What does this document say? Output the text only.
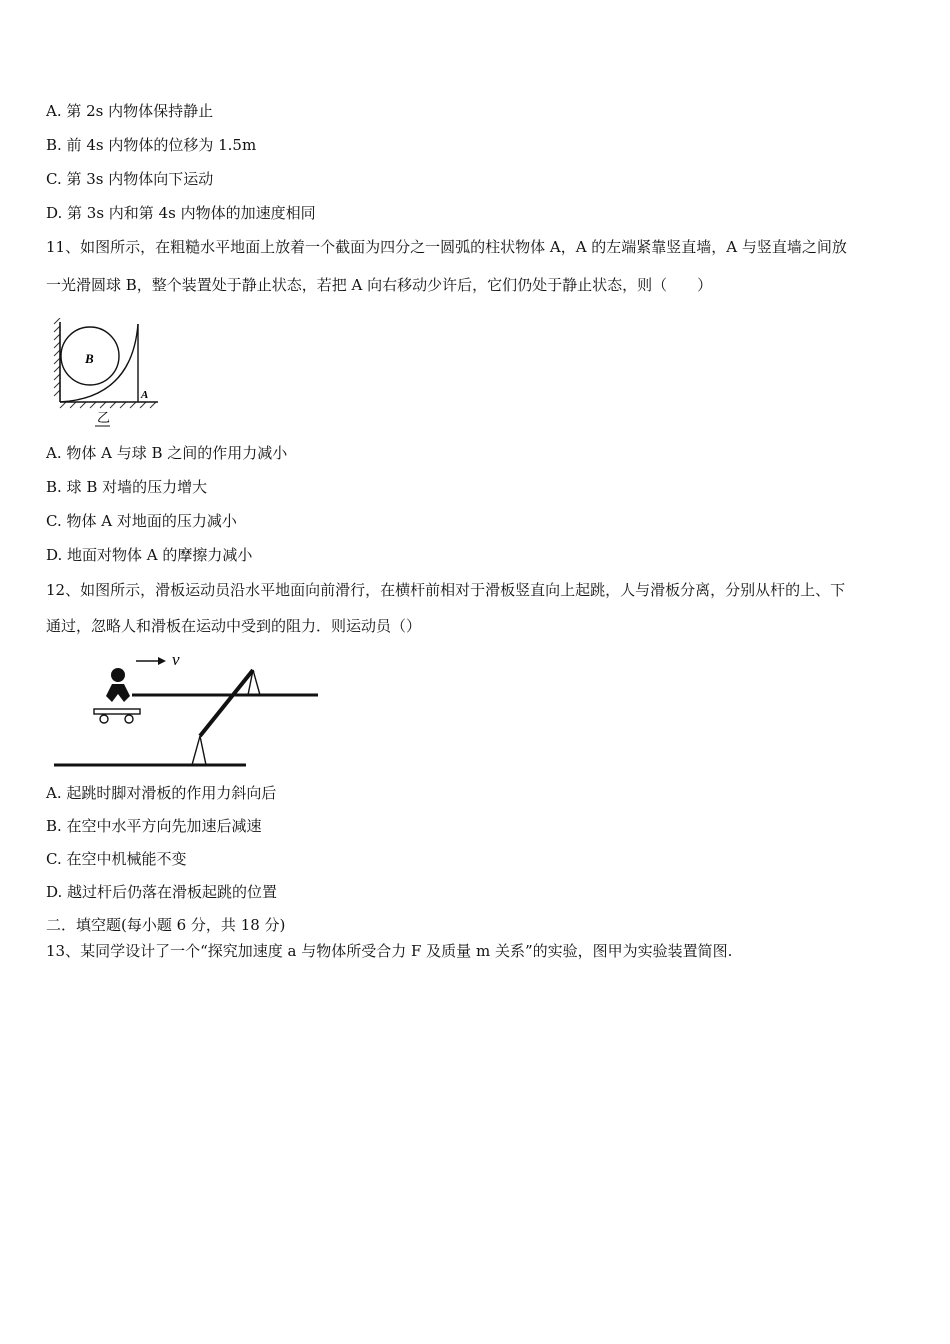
A. 第 2s 内物体保持静止
B. 前 4s 内物体的位移为 1.5m
C. 第 3s 内物体向下运动
D. 第 3s 内和第 4s 内物体的加速度相同
11、如图所示，在粗糙水平地面上放着一个截面为四分之一圆弧的柱状物体 A，A 的左端紧靠竖直墙，A 与竖直墙之间放
一光滑圆球 B，整个装置处于静止状态，若把 A 向右移动少许后，它们仍处于静止状态，则（　　）
B
A
乙
A. 物体 A 与球 B 之间的作用力减小
B. 球 B 对墙的压力增大
C. 物体 A 对地面的压力减小
D. 地面对物体 A 的摩擦力减小
12、如图所示，滑板运动员沿水平地面向前滑行，在横杆前相对于滑板竖直向上起跳，人与滑板分离，分别从杆的上、下
通过，忽略人和滑板在运动中受到的阻力．则运动员（）
v
A. 起跳时脚对滑板的作用力斜向后
B. 在空中水平方向先加速后减速
C. 在空中机械能不变
D. 越过杆后仍落在滑板起跳的位置
二．填空题(每小题 6 分，共 18 分)
13、某同学设计了一个“探究加速度 a 与物体所受合力 F 及质量 m 关系”的实验，图甲为实验装置简图.
